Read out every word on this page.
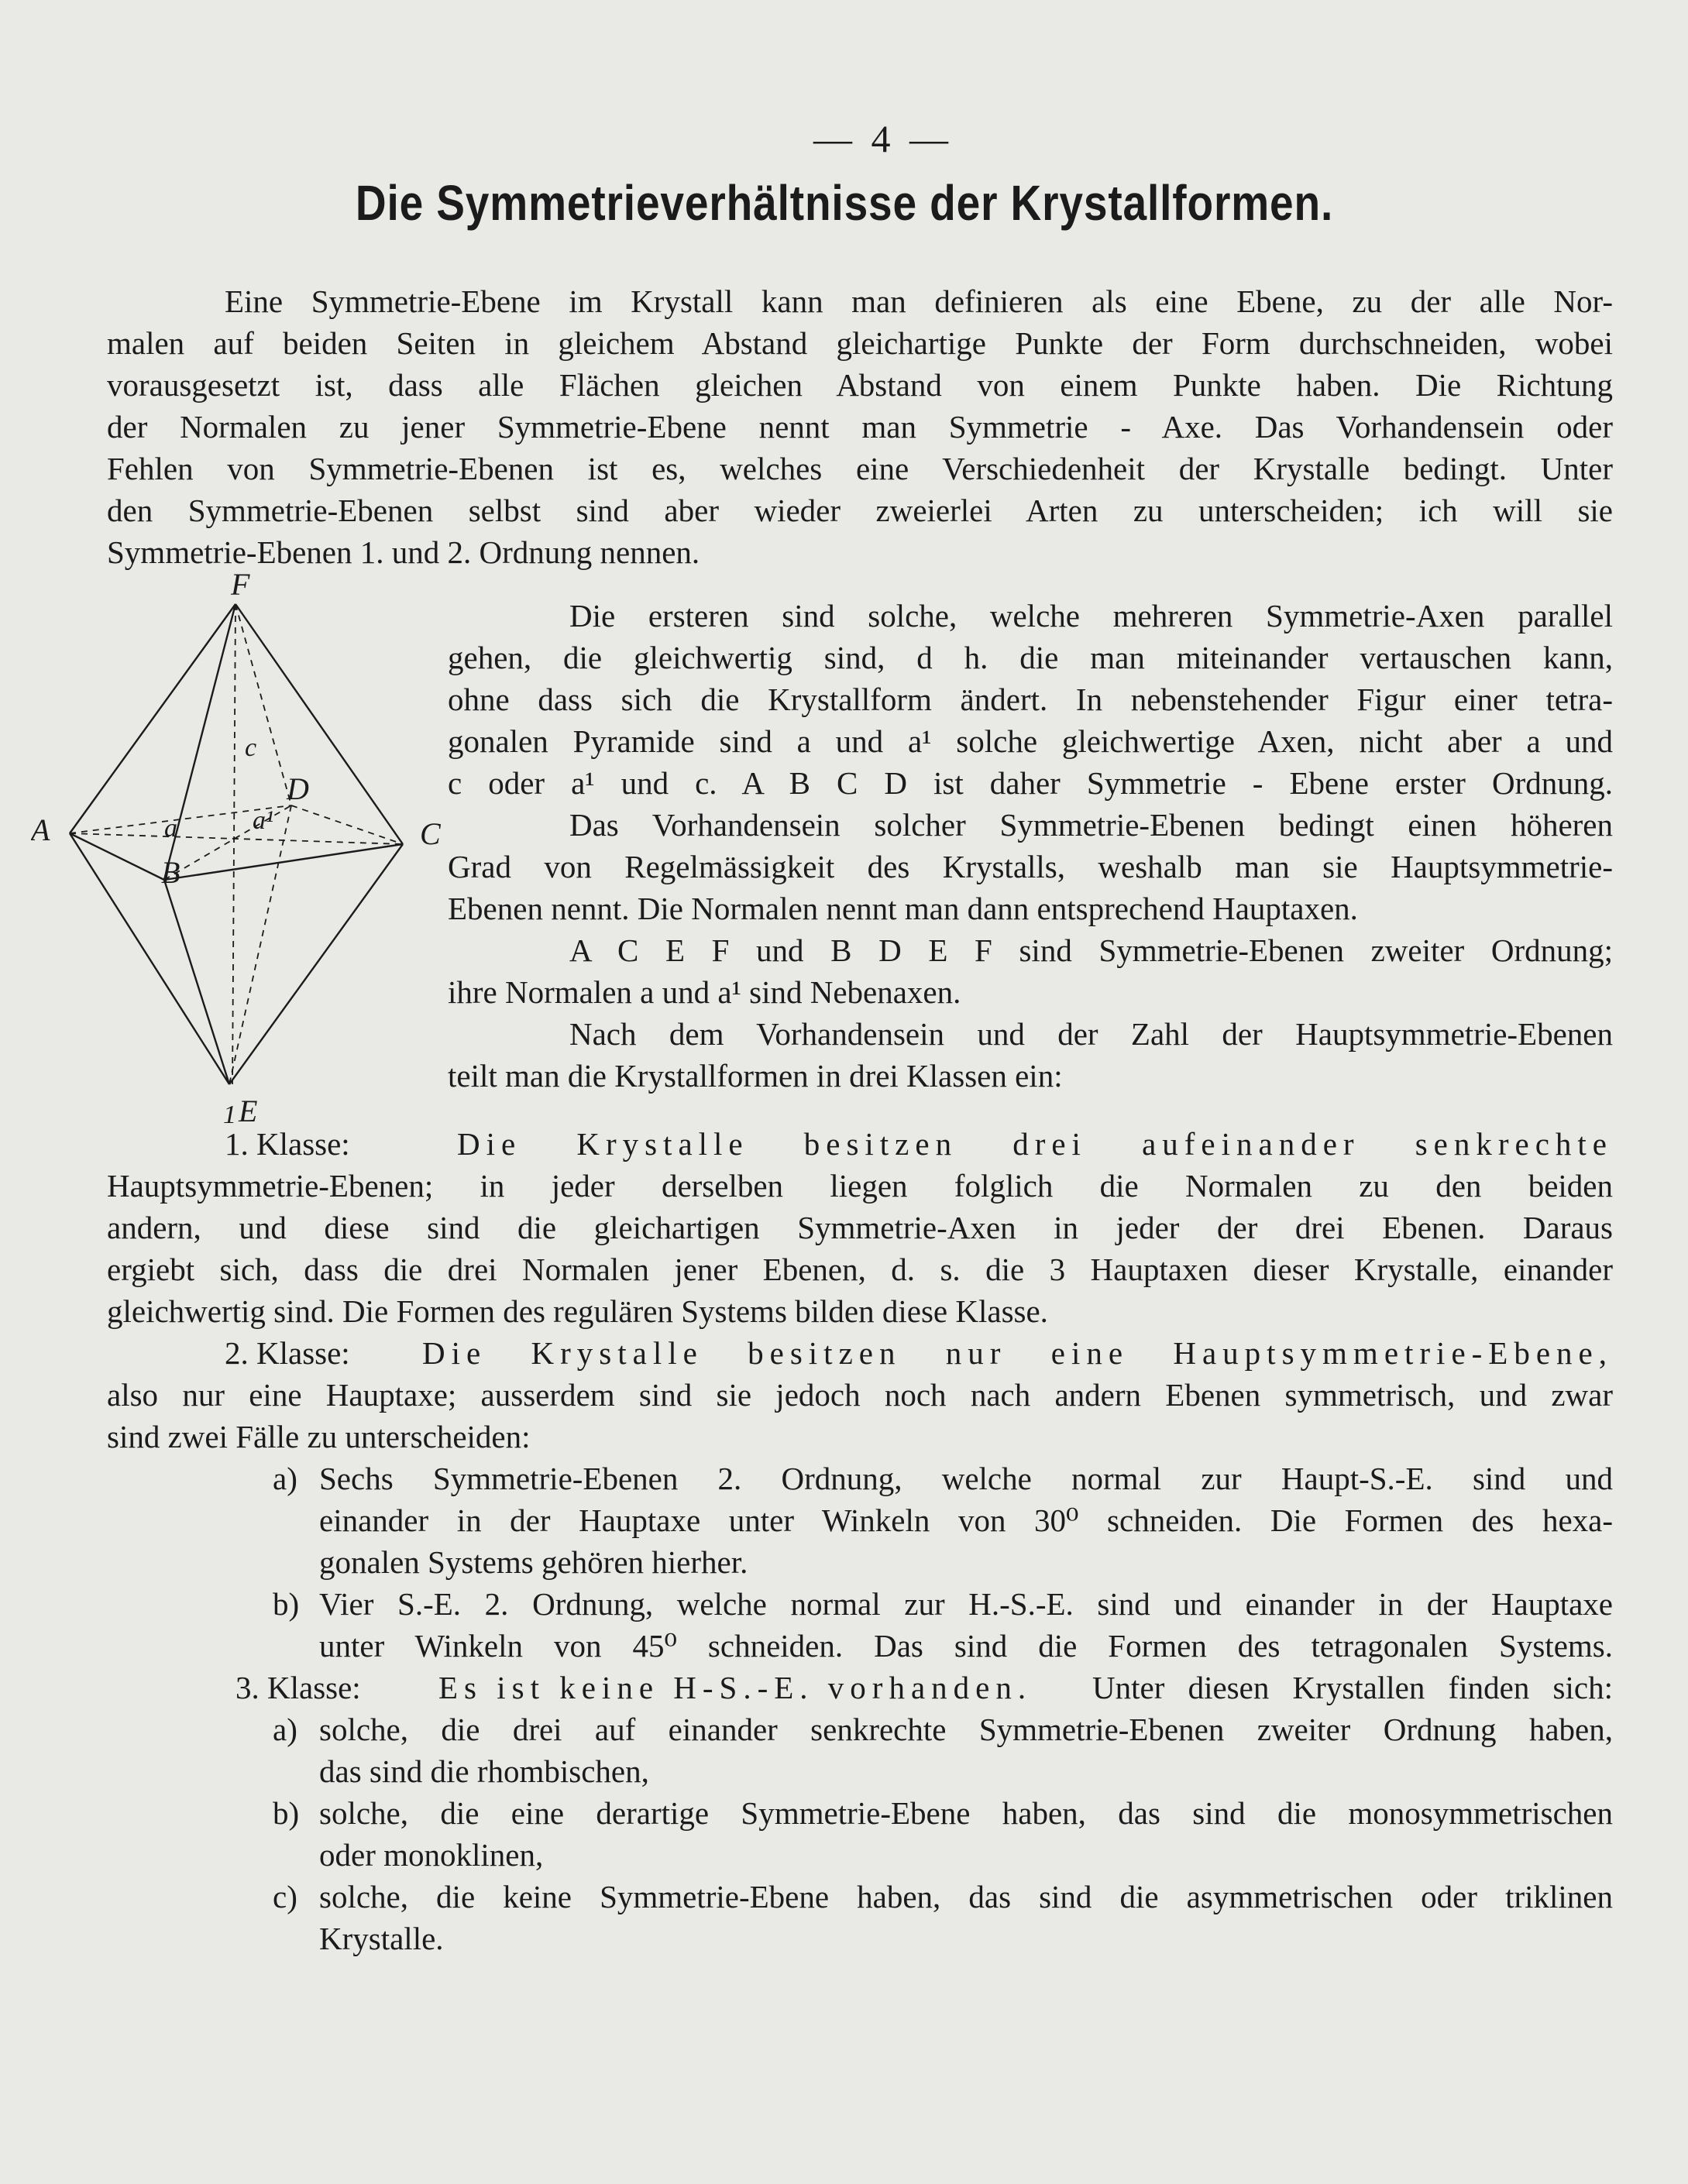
— 4 —
Die Symmetrieverhältnisse der Krystallformen.
Eine Symmetrie-Ebene im Krystall kann man definieren als eine Ebene, zu der alle Nor-
malen auf beiden Seiten in gleichem Abstand gleichartige Punkte der Form durchschneiden, wobei
vorausgesetzt ist, dass alle Flächen gleichen Abstand von einem Punkte haben. Die Richtung
der Normalen zu jener Symmetrie-Ebene nennt man Symmetrie - Axe. Das Vorhandensein oder
Fehlen von Symmetrie-Ebenen ist es, welches eine Verschiedenheit der Krystalle bedingt. Unter
den Symmetrie-Ebenen selbst sind aber wieder zweierlei Arten zu unterscheiden; ich will sie
Symmetrie-Ebenen 1. und 2. Ordnung nennen.
F
A
B
C
D
E
c
a	a¹
1
Die ersteren sind solche, welche mehreren Symmetrie-Axen parallel
gehen, die gleichwertig sind, d h. die man miteinander vertauschen kann,
ohne dass sich die Krystallform ändert. In nebenstehender Figur einer tetra-
gonalen Pyramide sind a und a¹ solche gleichwertige Axen, nicht aber a und
c oder a¹ und c. A B C D ist daher Symmetrie - Ebene erster Ordnung.
Das Vorhandensein solcher Symmetrie-Ebenen bedingt einen höheren
Grad von Regelmässigkeit des Krystalls, weshalb man sie Hauptsymmetrie-
Ebenen nennt. Die Normalen nennt man dann entsprechend Hauptaxen.
A C E F und B D E F sind Symmetrie-Ebenen zweiter Ordnung;
ihre Normalen a und a¹ sind Nebenaxen.
Nach dem Vorhandensein und der Zahl der Hauptsymmetrie-Ebenen
teilt man die Krystallformen in drei Klassen ein:
1. Klasse:	Die Krystalle besitzen drei aufeinander senkrechte
Hauptsymmetrie-Ebenen; in jeder derselben liegen folglich die Normalen zu den beiden
andern, und diese sind die gleichartigen Symmetrie-Axen in jeder der drei Ebenen. Daraus
ergiebt sich, dass die drei Normalen jener Ebenen, d. s. die 3 Hauptaxen dieser Krystalle, einander
gleichwertig sind. Die Formen des regulären Systems bilden diese Klasse.
2. Klasse:	Die Krystalle besitzen nur eine Hauptsymmetrie-Ebene,
also nur eine Hauptaxe; ausserdem sind sie jedoch noch nach andern Ebenen symmetrisch, und zwar
sind zwei Fälle zu unterscheiden:
a) Sechs Symmetrie-Ebenen 2. Ordnung, welche normal zur Haupt-S.-E. sind und
einander in der Hauptaxe unter Winkeln von 30⁰ schneiden. Die Formen des hexa-
gonalen Systems gehören hierher.
b) Vier S.-E. 2. Ordnung, welche normal zur H.-S.-E. sind und einander in der Hauptaxe
unter Winkeln von 45⁰ schneiden. Das sind die Formen des tetragonalen Systems.
3. Klasse:	Es ist keine H-S.-E. vorhanden.	Unter diesen Krystallen finden sich:
a) solche, die drei auf einander senkrechte Symmetrie-Ebenen zweiter Ordnung haben,
das sind die rhombischen,
b) solche, die eine derartige Symmetrie-Ebene haben, das sind die monosymmetrischen
oder monoklinen,
c) solche, die keine Symmetrie-Ebene haben, das sind die asymmetrischen oder triklinen
Krystalle.
